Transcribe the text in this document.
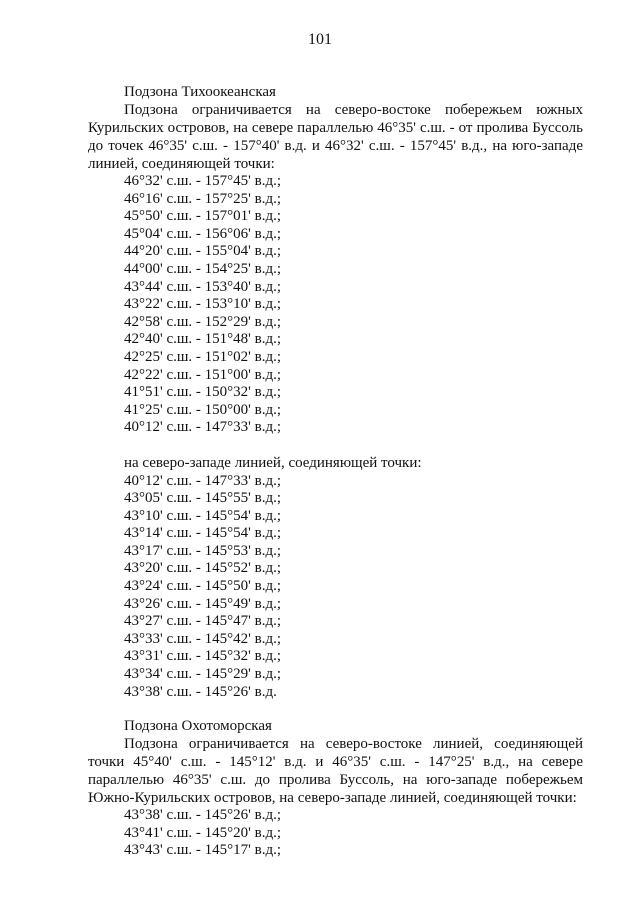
101
Подзона Тихоокеанская
Подзона ограничивается на северо-востоке побережьем южных Курильских островов, на севере параллелью 46°35' с.ш. - от пролива Буссоль до точек 46°35' с.ш. - 157°40' в.д. и 46°32' с.ш. - 157°45' в.д., на юго-западе линией, соединяющей точки:
46°32' с.ш. - 157°45' в.д.;
46°16' с.ш. - 157°25' в.д.;
45°50' с.ш. - 157°01' в.д.;
45°04' с.ш. - 156°06' в.д.;
44°20' с.ш. - 155°04' в.д.;
44°00' с.ш. - 154°25' в.д.;
43°44' с.ш. - 153°40' в.д.;
43°22' с.ш. - 153°10' в.д.;
42°58' с.ш. - 152°29' в.д.;
42°40' с.ш. - 151°48' в.д.;
42°25' с.ш. - 151°02' в.д.;
42°22' с.ш. - 151°00' в.д.;
41°51' с.ш. - 150°32' в.д.;
41°25' с.ш. - 150°00' в.д.;
40°12' с.ш. - 147°33' в.д.;
на северо-западе линией, соединяющей точки:
40°12' с.ш. - 147°33' в.д.;
43°05' с.ш. - 145°55' в.д.;
43°10' с.ш. - 145°54' в.д.;
43°14' с.ш. - 145°54' в.д.;
43°17' с.ш. - 145°53' в.д.;
43°20' с.ш. - 145°52' в.д.;
43°24' с.ш. - 145°50' в.д.;
43°26' с.ш. - 145°49' в.д.;
43°27' с.ш. - 145°47' в.д.;
43°33' с.ш. - 145°42' в.д.;
43°31' с.ш. - 145°32' в.д.;
43°34' с.ш. - 145°29' в.д.;
43°38' с.ш. - 145°26' в.д.
Подзона Охотоморская
Подзона ограничивается на северо-востоке линией, соединяющей точки 45°40' с.ш. - 145°12' в.д. и 46°35' с.ш. - 147°25' в.д., на севере параллелью 46°35' с.ш. до пролива Буссоль, на юго-западе побережьем Южно-Курильских островов, на северо-западе линией, соединяющей точки:
43°38' с.ш. - 145°26' в.д.;
43°41' с.ш. - 145°20' в.д.;
43°43' с.ш. - 145°17' в.д.;
